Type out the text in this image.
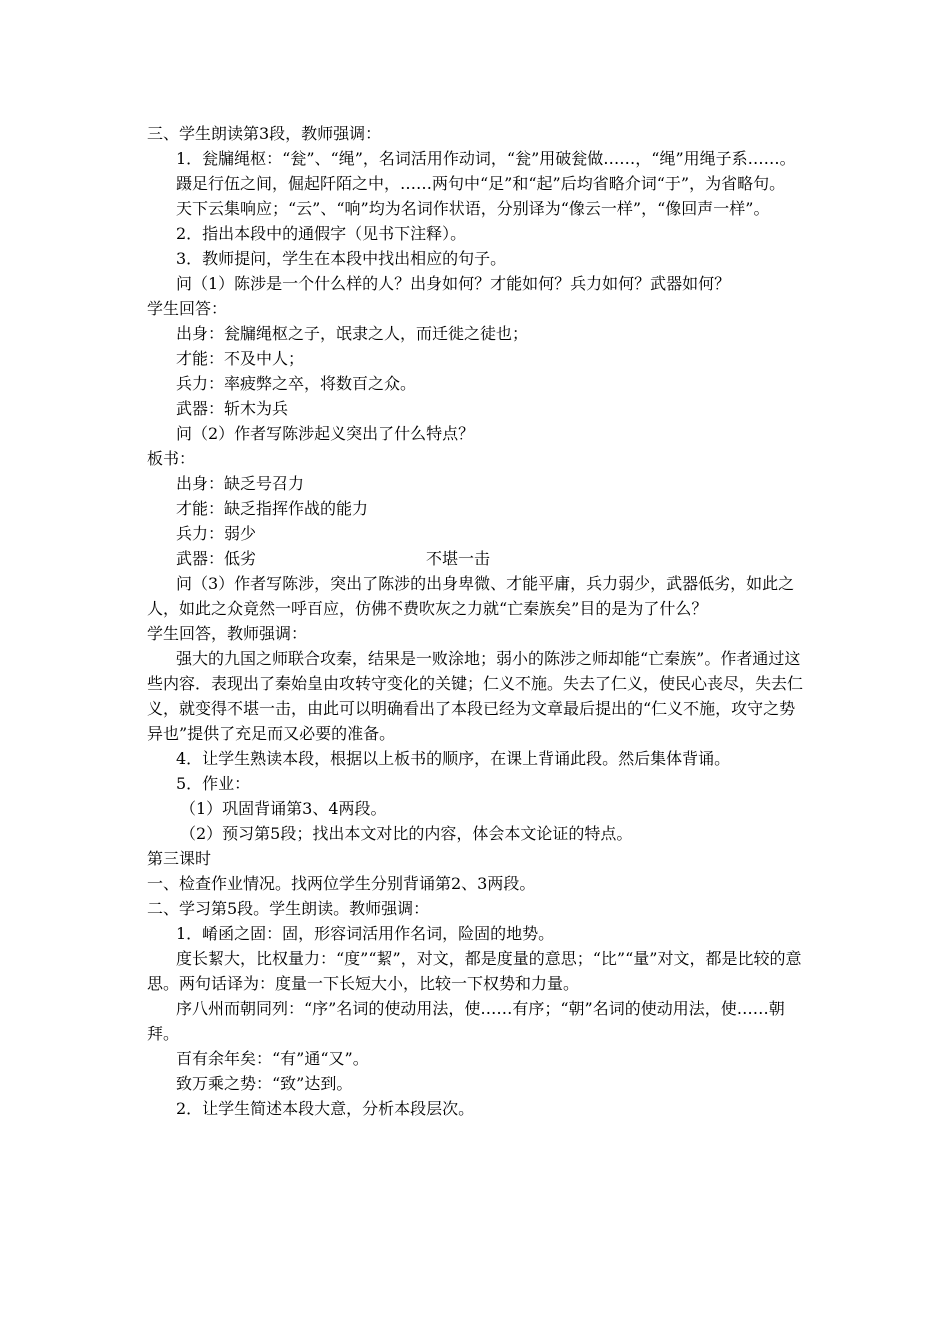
三、学生朗读第3段，教师强调：

1．瓮牖绳枢：“瓮”、“绳”，名词活用作动词，“瓮”用破瓮做……，“绳”用绳子系……。

蹑足行伍之间，倔起阡陌之中，……两句中“足”和“起”后均省略介词“于”，为省略句。

天下云集响应；“云”、“响”均为名词作状语，分别译为“像云一样”，“像回声一样”。

2．指出本段中的通假字（见书下注释）。

3．教师提问，学生在本段中找出相应的句子。

问（1）陈涉是一个什么样的人？出身如何？才能如何？兵力如何？武器如何？

学生回答：

出身：瓮牖绳枢之子，氓隶之人，而迁徙之徒也；

才能：不及中人；

兵力：率疲弊之卒，将数百之众。

武器：斩木为兵

问（2）作者写陈涉起义突出了什么特点？

板书：

出身：缺乏号召力

才能：缺乏指挥作战的能力

兵力：弱少

武器：低劣	不堪一击

问（3）作者写陈涉，突出了陈涉的出身卑微、才能平庸，兵力弱少，武器低劣，如此之人，如此之众竟然一呼百应，仿佛不费吹灰之力就“亡秦族矣”目的是为了什么？

学生回答，教师强调：

强大的九国之师联合攻秦，结果是一败涂地；弱小的陈涉之师却能“亡秦族”。作者通过这些内容．表现出了秦始皇由攻转守变化的关键；仁义不施。失去了仁义，使民心丧尽，失去仁义，就变得不堪一击，由此可以明确看出了本段已经为文章最后提出的“仁义不施，攻守之势异也”提供了充足而又必要的准备。

4．让学生熟读本段，根据以上板书的顺序，在课上背诵此段。然后集体背诵。

5．作业：

（1）巩固背诵第3、4两段。

（2）预习第5段；找出本文对比的内容，体会本文论证的特点。

第三课时

一、检查作业情况。找两位学生分别背诵第2、3两段。

二、学习第5段。学生朗读。教师强调：

1．崤函之固：固，形容词活用作名词，险固的地势。

度长絜大，比权量力：“度”“絜”，对文，都是度量的意思；“比”“量”对文，都是比较的意思。两句话译为：度量一下长短大小，比较一下权势和力量。

序八州而朝同列：“序”名词的使动用法，使……有序；“朝”名词的使动用法，使……朝拜。

百有余年矣：“有”通“又”。

致万乘之势：“致”达到。

2．让学生简述本段大意，分析本段层次。
